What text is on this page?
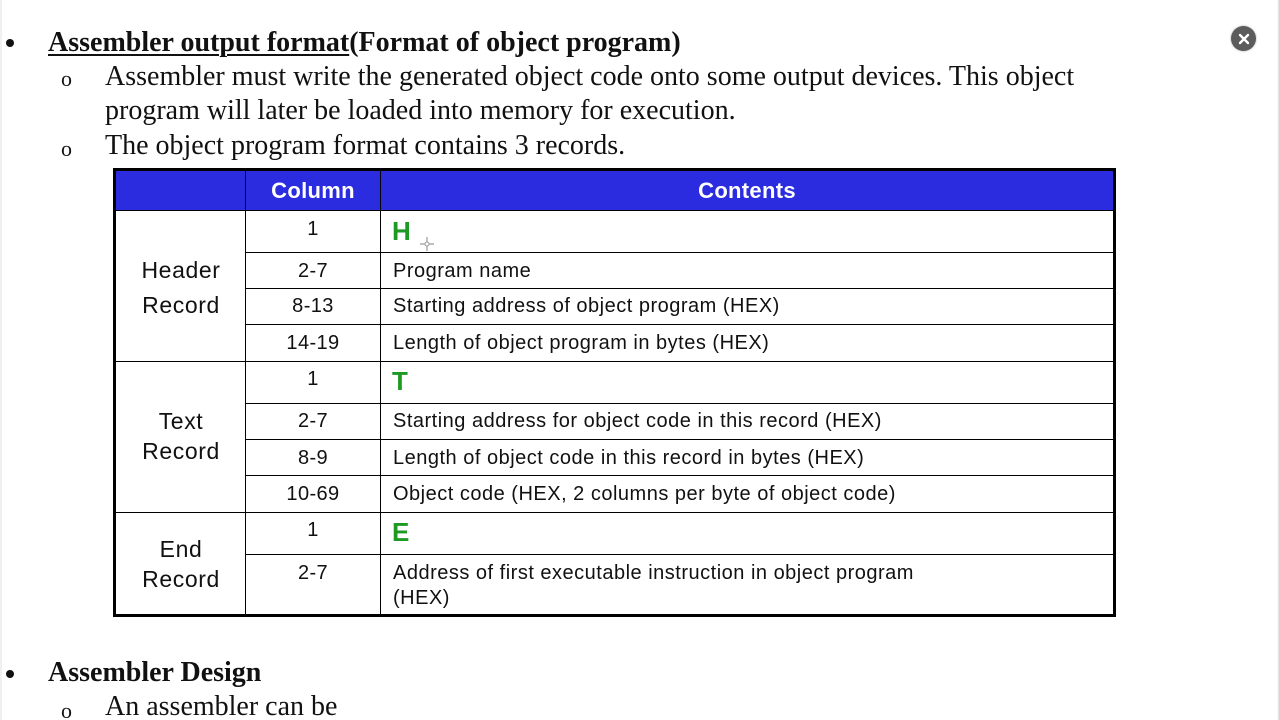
Assembler output format(Format of object program)
o Assembler must write the generated object code onto some output devices. This object
program will later be loaded into memory for execution.
o The object program format contains 3 records.
Column	Contents
Header
Record
1	H
2-7	Program name
8-13	Starting address of object program (HEX)
14-19	Length of object program in bytes (HEX)
Text
Record
1	T
2-7	Starting address for object code in this record (HEX)
8-9	Length of object code in this record in bytes (HEX)
10-69	Object code (HEX, 2 columns per byte of object code)
End
Record
1	E
2-7	Address of first executable instruction in object program
(HEX)
Assembler Design
o An assembler can be
